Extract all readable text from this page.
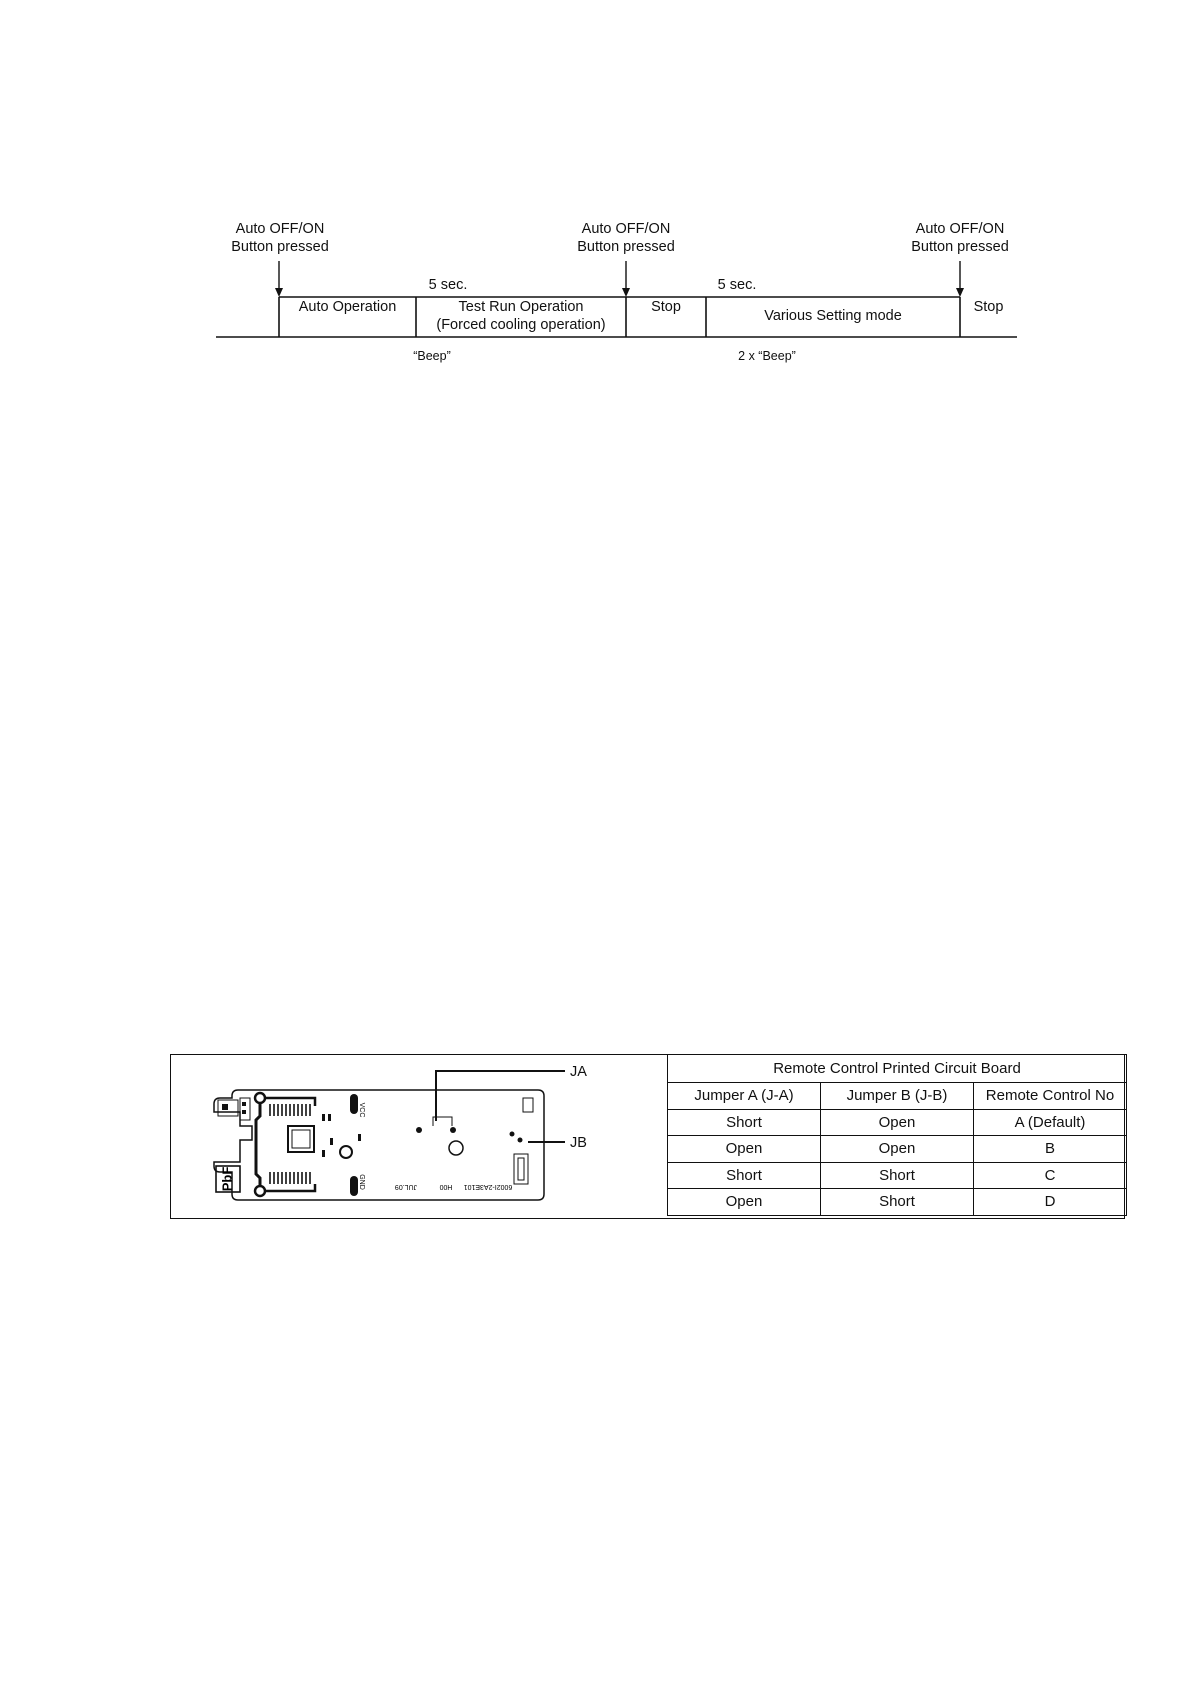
Auto OFF/ON
Button pressed
Auto OFF/ON
Button pressed
Auto OFF/ON
Button pressed
5 sec.	5 sec.
Auto Operation	Test Run Operation
(Forced cooling operation)
Stop
Various Setting mode
Stop
“Beep”	2 x “Beep”
PbF
VCC
GND	JUL.09	H00 6002I-2A3E101
JA
JB
Remote Control Printed Circuit Board		
Jumper A (J-A)	Jumper B (J-B)	Remote Control No
Short	Open	A (Default)
Open	Open	B
Short	Short	C
Open	Short	D
